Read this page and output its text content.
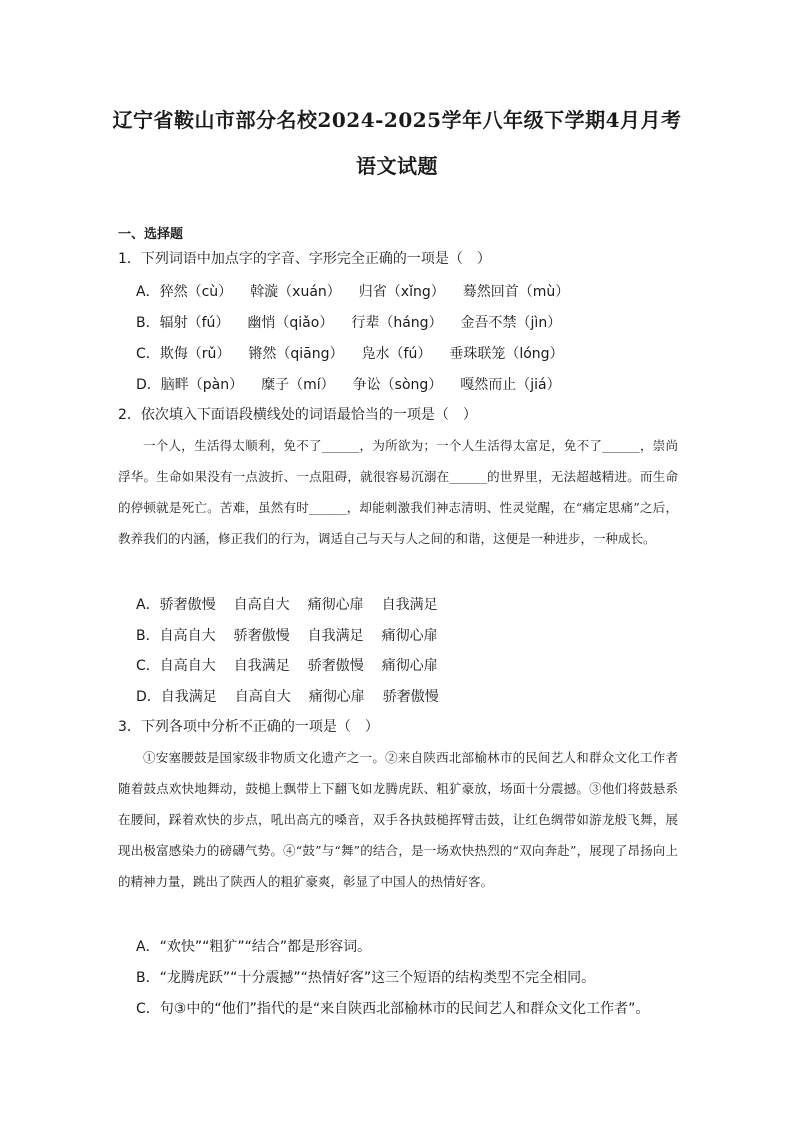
辽宁省鞍山市部分名校2024-2025学年八年级下学期4月月考
语文试题
一、选择题
1．下列词语中加点字的字音、字形完全正确的一项是（　）
A．猝然（cù） 斡漩（xuán） 归省（xǐng） 蓦然回首（mù）
B．辐射（fú） 幽悄（qiǎo） 行辈（háng） 金吾不禁（jìn）
C．欺侮（rǔ） 锵然（qiāng） 凫水（fú） 垂珠联笼（lóng）
D．脑畔（pàn） 糜子（mí） 争讼（sòng） 嘎然而止（jiá）
2．依次填入下面语段横线处的词语最恰当的一项是（　）

一个人，生活得太顺利，免不了______，为所欲为；一个人生活得太富足，免不了______，崇尚浮华。生命如果没有一点波折、一点阻碍，就很容易沉溺在______的世界里，无法超越精进。而生命的停顿就是死亡。苦难，虽然有时______，却能刺激我们神志清明、性灵觉醒，在“痛定思痛”之后，教养我们的内涵，修正我们的行为，调适自己与天与人之间的和谐，这便是一种进步，一种成长。

A．骄奢傲慢 自高自大 痛彻心扉 自我满足
B．自高自大 骄奢傲慢 自我满足 痛彻心扉
C．自高自大 自我满足 骄奢傲慢 痛彻心扉
D．自我满足 自高自大 痛彻心扉 骄奢傲慢
3．下列各项中分析不正确的一项是（　）

①安塞腰鼓是国家级非物质文化遗产之一。②来自陕西北部榆林市的民间艺人和群众文化工作者随着鼓点欢快地舞动，鼓槌上飘带上下翻飞如龙腾虎跃、粗犷豪放，场面十分震撼。③他们将鼓悬系在腰间，踩着欢快的步点，吼出高亢的嗓音，双手各执鼓槌挥臂击鼓，让红色绸带如游龙般飞舞，展现出极富感染力的磅礴气势。④“鼓”与“舞”的结合，是一场欢快热烈的“双向奔赴”，展现了昂扬向上的精神力量，跳出了陕西人的粗犷豪爽，彰显了中国人的热情好客。

A．“欢快”“粗犷”“结合”都是形容词。
B．“龙腾虎跃”“十分震撼”“热情好客”这三个短语的结构类型不完全相同。
C．句③中的“他们”指代的是“来自陕西北部榆林市的民间艺人和群众文化工作者”。
